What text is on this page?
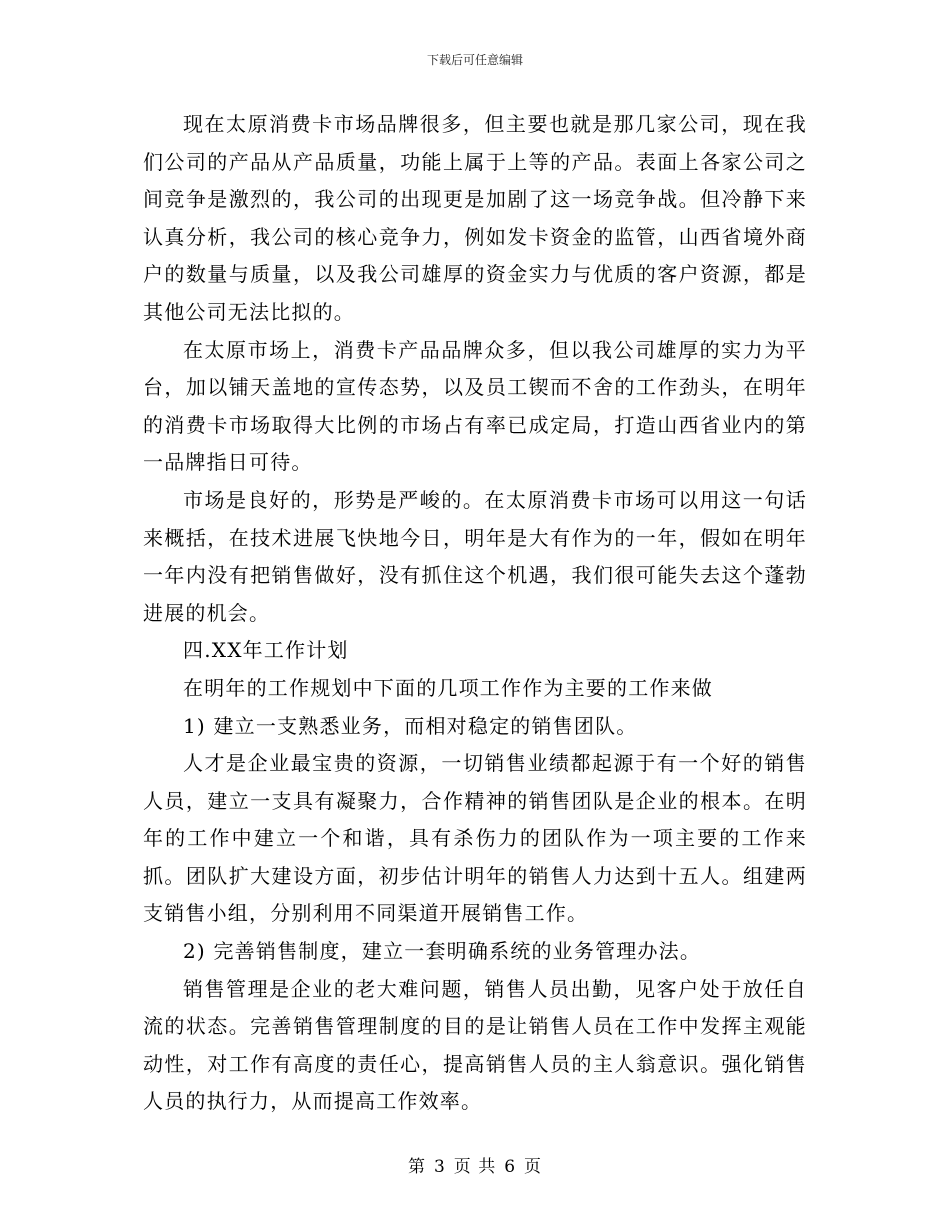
下载后可任意编辑

现在太原消费卡市场品牌很多，但主要也就是那几家公司，现在我们公司的产品从产品质量，功能上属于上等的产品。表面上各家公司之间竞争是激烈的，我公司的出现更是加剧了这一场竞争战。但冷静下来认真分析，我公司的核心竞争力，例如发卡资金的监管，山西省境外商户的数量与质量，以及我公司雄厚的资金实力与优质的客户资源，都是其他公司无法比拟的。

在太原市场上，消费卡产品品牌众多，但以我公司雄厚的实力为平台，加以铺天盖地的宣传态势，以及员工锲而不舍的工作劲头，在明年的消费卡市场取得大比例的市场占有率已成定局，打造山西省业内的第一品牌指日可待。

市场是良好的，形势是严峻的。在太原消费卡市场可以用这一句话来概括，在技术进展飞快地今日，明年是大有作为的一年，假如在明年一年内没有把销售做好，没有抓住这个机遇，我们很可能失去这个蓬勃进展的机会。

四.XX年工作计划

在明年的工作规划中下面的几项工作作为主要的工作来做

1) 建立一支熟悉业务，而相对稳定的销售团队。

人才是企业最宝贵的资源，一切销售业绩都起源于有一个好的销售人员，建立一支具有凝聚力，合作精神的销售团队是企业的根本。在明年的工作中建立一个和谐，具有杀伤力的团队作为一项主要的工作来抓。团队扩大建设方面，初步估计明年的销售人力达到十五人。组建两支销售小组，分别利用不同渠道开展销售工作。

2) 完善销售制度，建立一套明确系统的业务管理办法。

销售管理是企业的老大难问题，销售人员出勤，见客户处于放任自流的状态。完善销售管理制度的目的是让销售人员在工作中发挥主观能动性，对工作有高度的责任心，提高销售人员的主人翁意识。强化销售人员的执行力，从而提高工作效率。

第 3 页 共 6 页
